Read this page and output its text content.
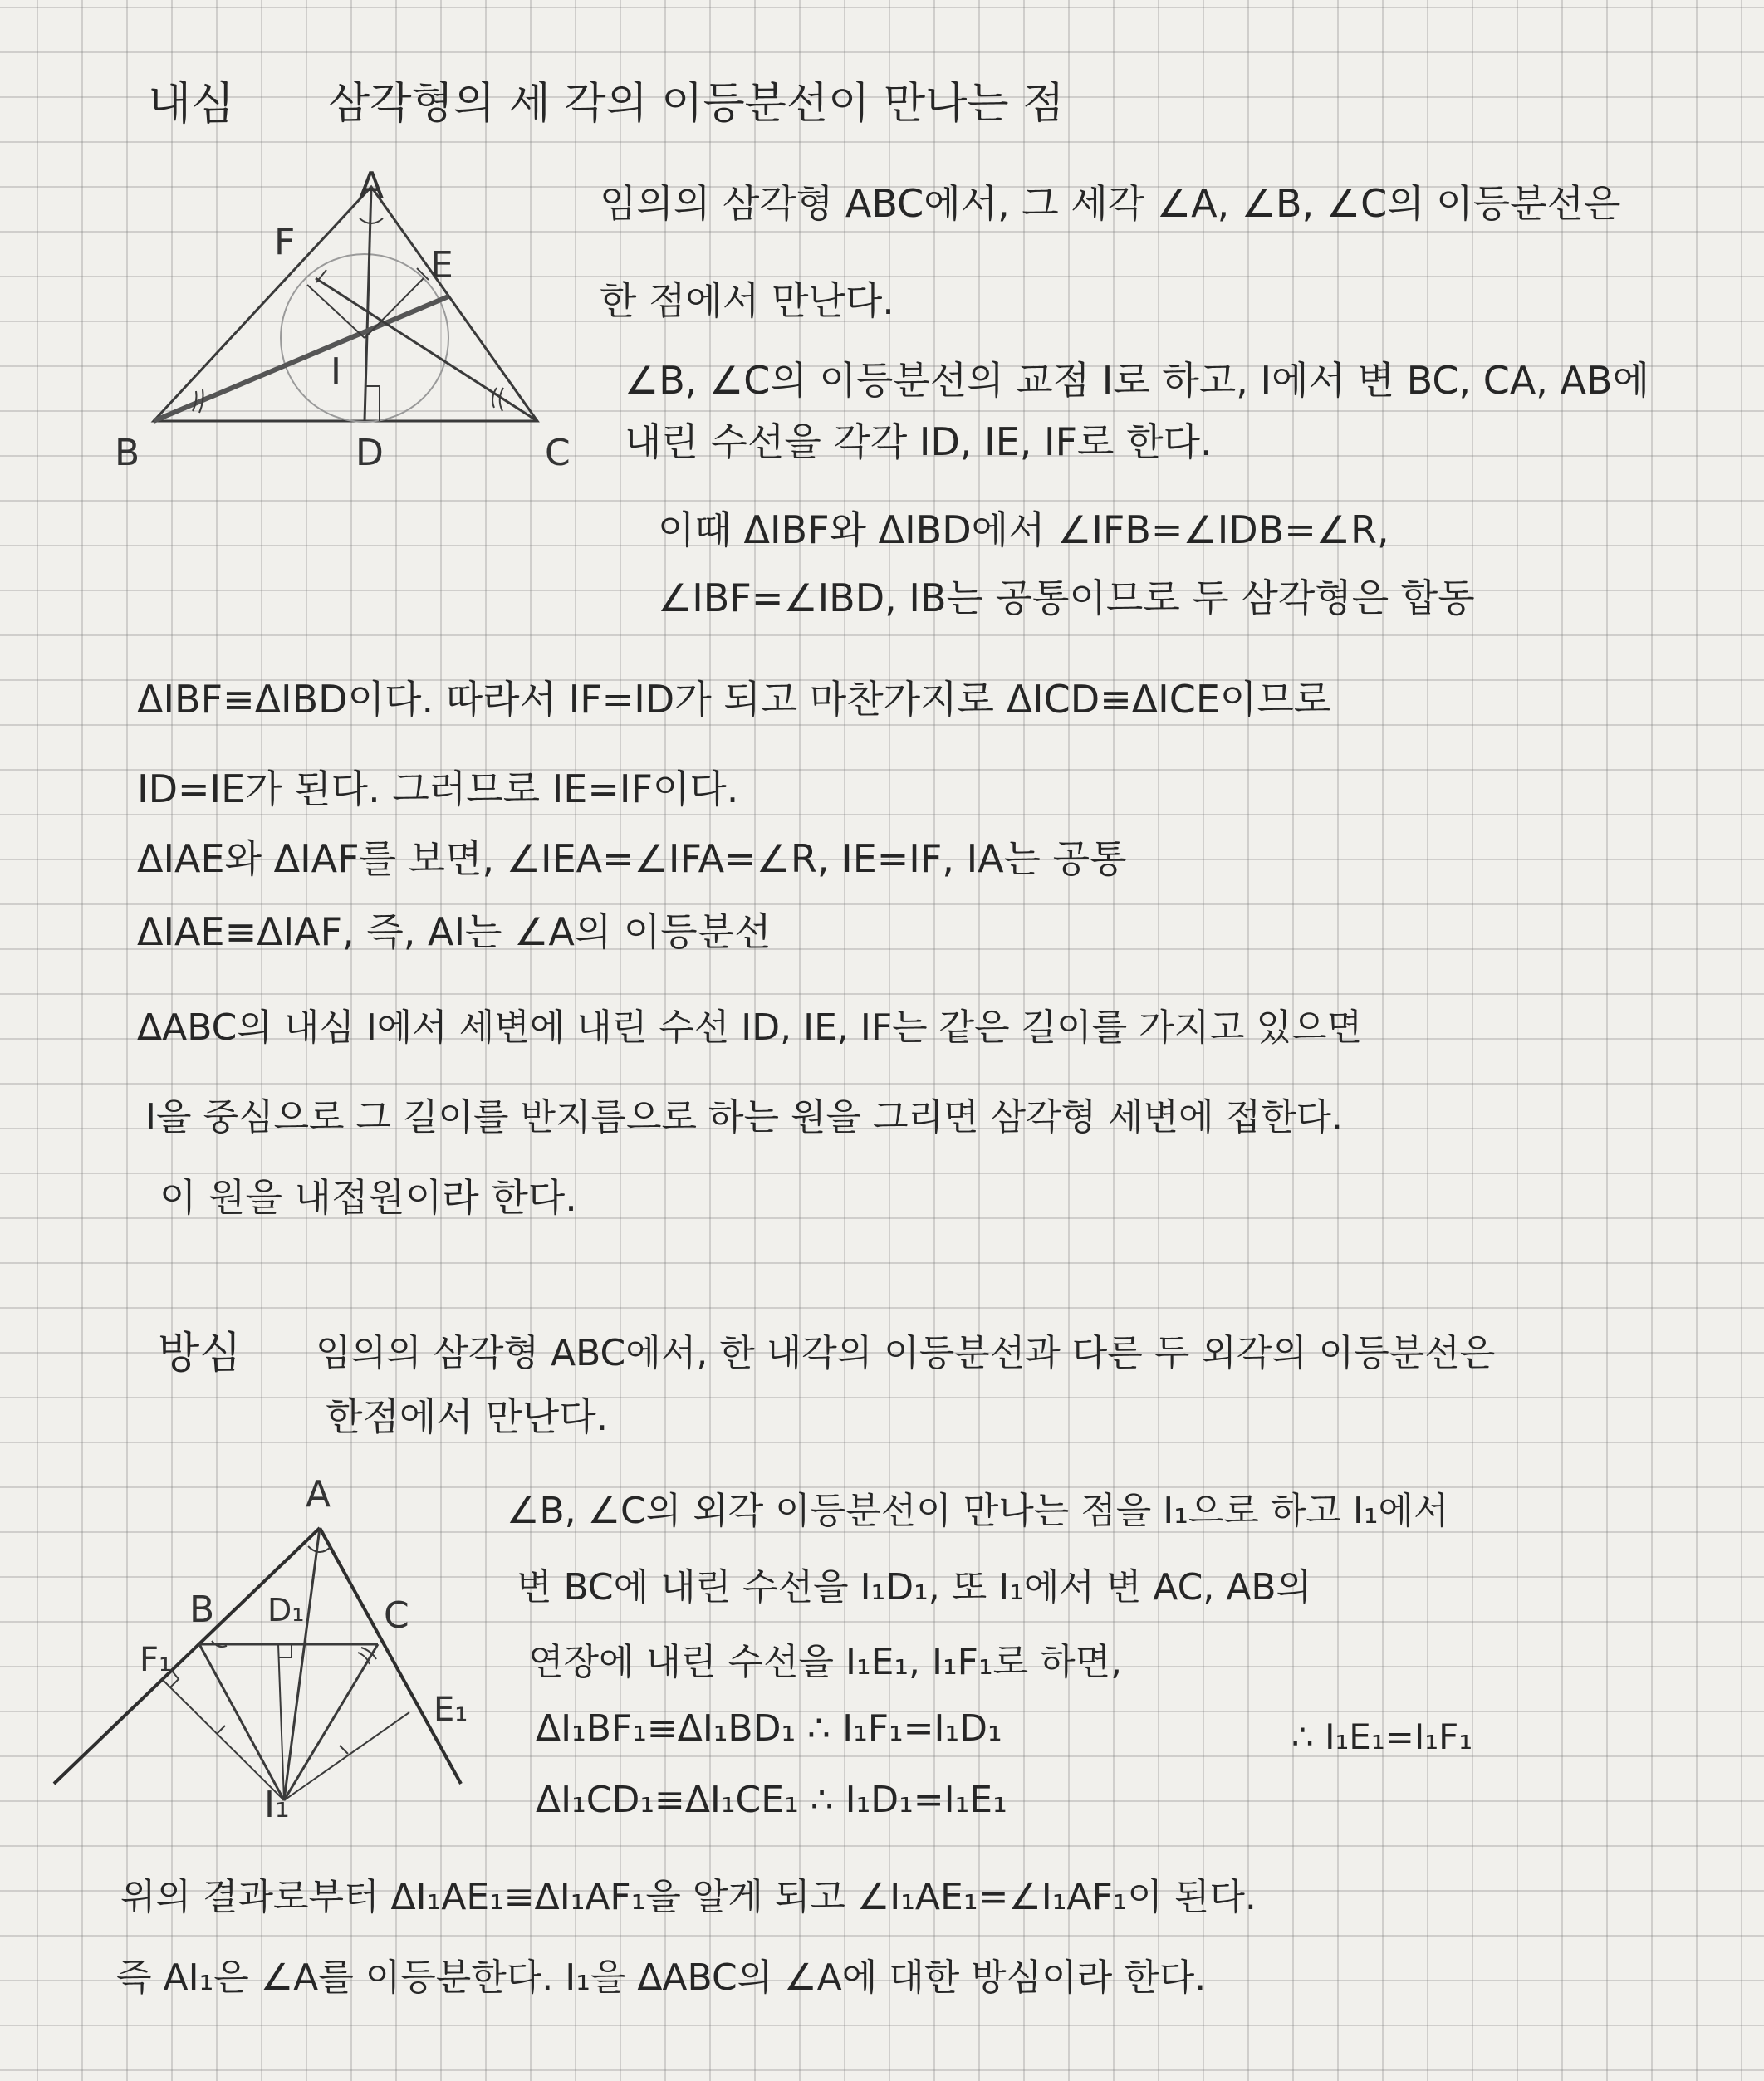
내심 삼각형의 세 각의 이등분선이 만나는 점
A
F
E
I
B	D	C
임의의 삼각형 ABC에서, 그 세각 ∠A, ∠B, ∠C의 이등분선은
한 점에서 만난다.
∠B, ∠C의 이등분선의 교점 I로 하고, I에서 변 BC, CA, AB에
내린 수선을 각각 ID, IE, IF로 한다.
이때 ΔIBF와 ΔIBD에서 ∠IFB=∠IDB=∠R,
∠IBF=∠IBD, IB는 공통이므로 두 삼각형은 합동
ΔIBF≡ΔIBD이다. 따라서 IF=ID가 되고 마찬가지로 ΔICD≡ΔICE이므로
ID=IE가 된다. 그러므로 IE=IF이다.
ΔIAE와 ΔIAF를 보면, ∠IEA=∠IFA=∠R, IE=IF, IA는 공통
ΔIAE≡ΔIAF, 즉, AI는 ∠A의 이등분선
ΔABC의 내심 I에서 세변에 내린 수선 ID, IE, IF는 같은 길이를 가지고 있으면
I을 중심으로 그 길이를 반지름으로 하는 원을 그리면 삼각형 세변에 접한다.
이 원을 내접원이라 한다.
방심 임의의 삼각형 ABC에서, 한 내각의 이등분선과 다른 두 외각의 이등분선은
한점에서 만난다.
A
B D₁ C
F₁
E₁
I₁
∠B, ∠C의 외각 이등분선이 만나는 점을 I₁으로 하고 I₁에서
변 BC에 내린 수선을 I₁D₁, 또 I₁에서 변 AC, AB의
연장에 내린 수선을 I₁E₁, I₁F₁로 하면,
ΔI₁BF₁≡ΔI₁BD₁ ∴ I₁F₁=I₁D₁
ΔI₁CD₁≡ΔI₁CE₁ ∴ I₁D₁=I₁E₁
∴ I₁E₁=I₁F₁
위의 결과로부터 ΔI₁AE₁≡ΔI₁AF₁을 알게 되고 ∠I₁AE₁=∠I₁AF₁이 된다.
즉 AI₁은 ∠A를 이등분한다. I₁을 ΔABC의 ∠A에 대한 방심이라 한다.
